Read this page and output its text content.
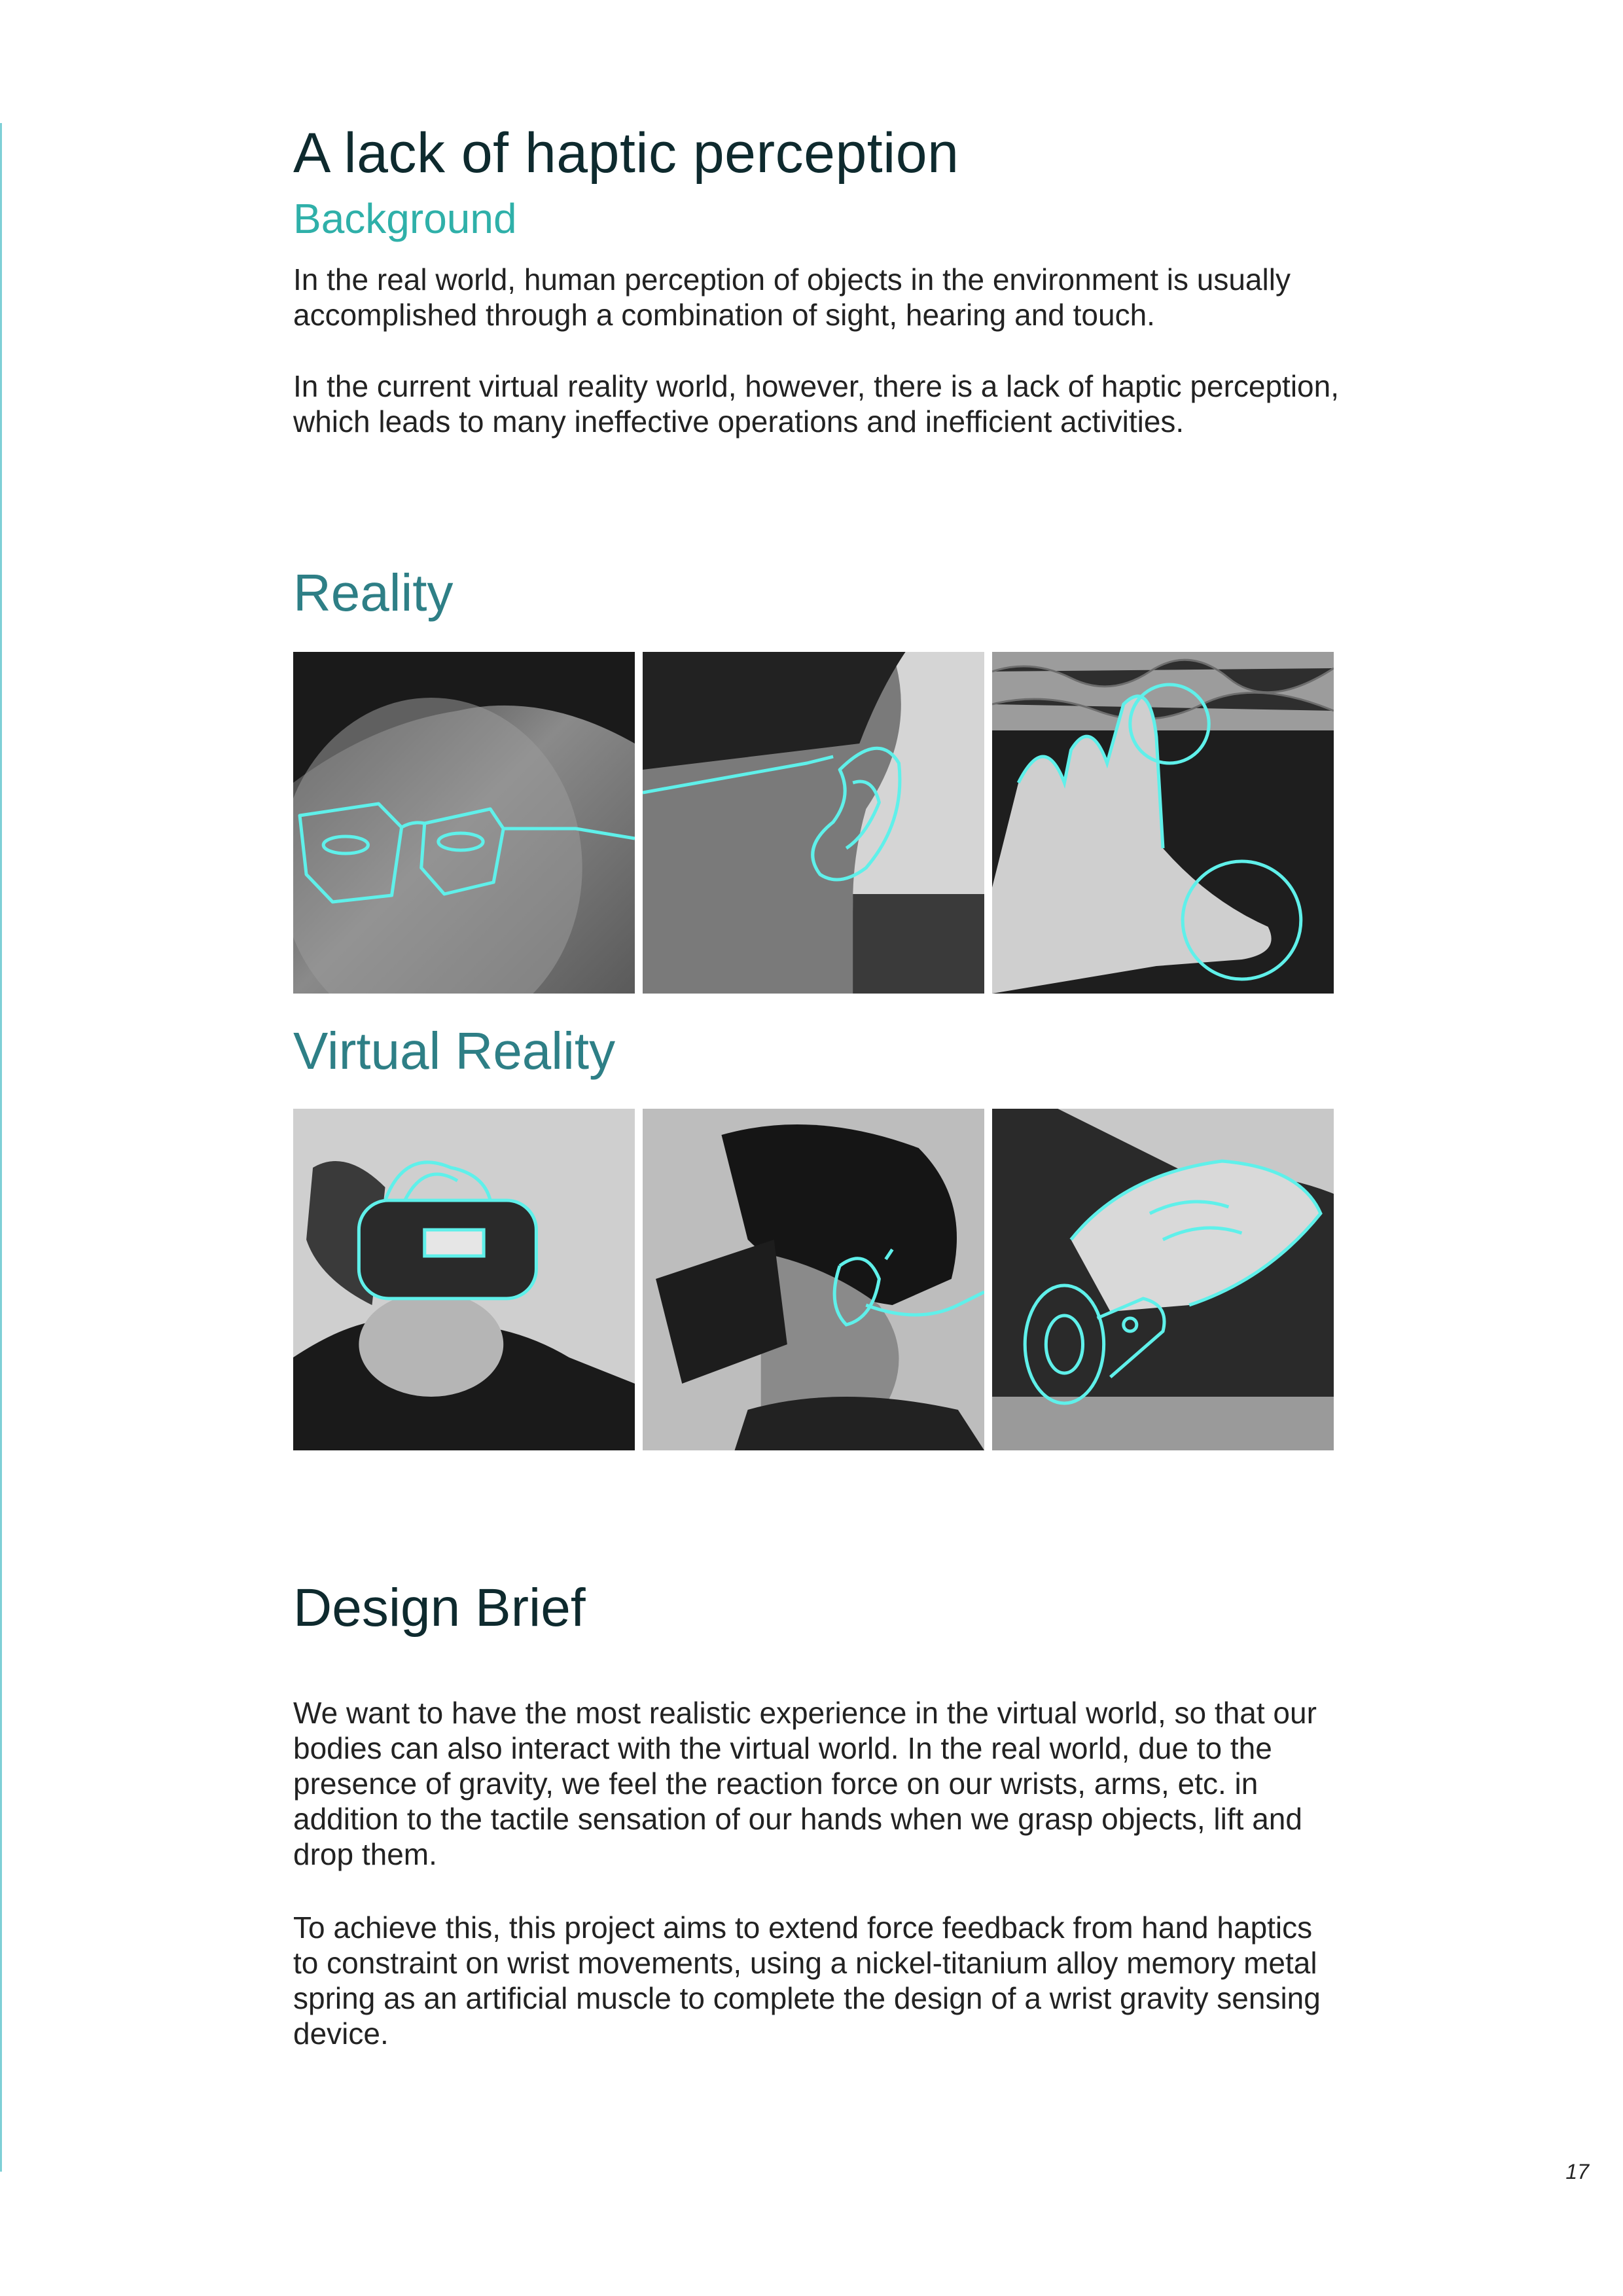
A lack of haptic perception
Background

In the real world, human perception of objects in the environment is usually accomplished through a combination of sight, hearing and touch.

In the current virtual reality world, however, there is a lack of haptic perception, which leads to many ineffective operations and inefficient activities.

Reality
Virtual Reality
Design Brief

We want to have the most realistic experience in the virtual world, so that our bodies can also interact with the virtual world. In the real world, due to the presence of gravity, we feel the reaction force on our wrists, arms, etc. in addition to the tactile sensation of our hands when we grasp objects, lift and drop them.

To achieve this, this project aims to extend force feedback from hand haptics to constraint on wrist movements, using a nickel-titanium alloy memory metal spring as an artificial muscle to complete the design of a wrist gravity sensing device.

17
